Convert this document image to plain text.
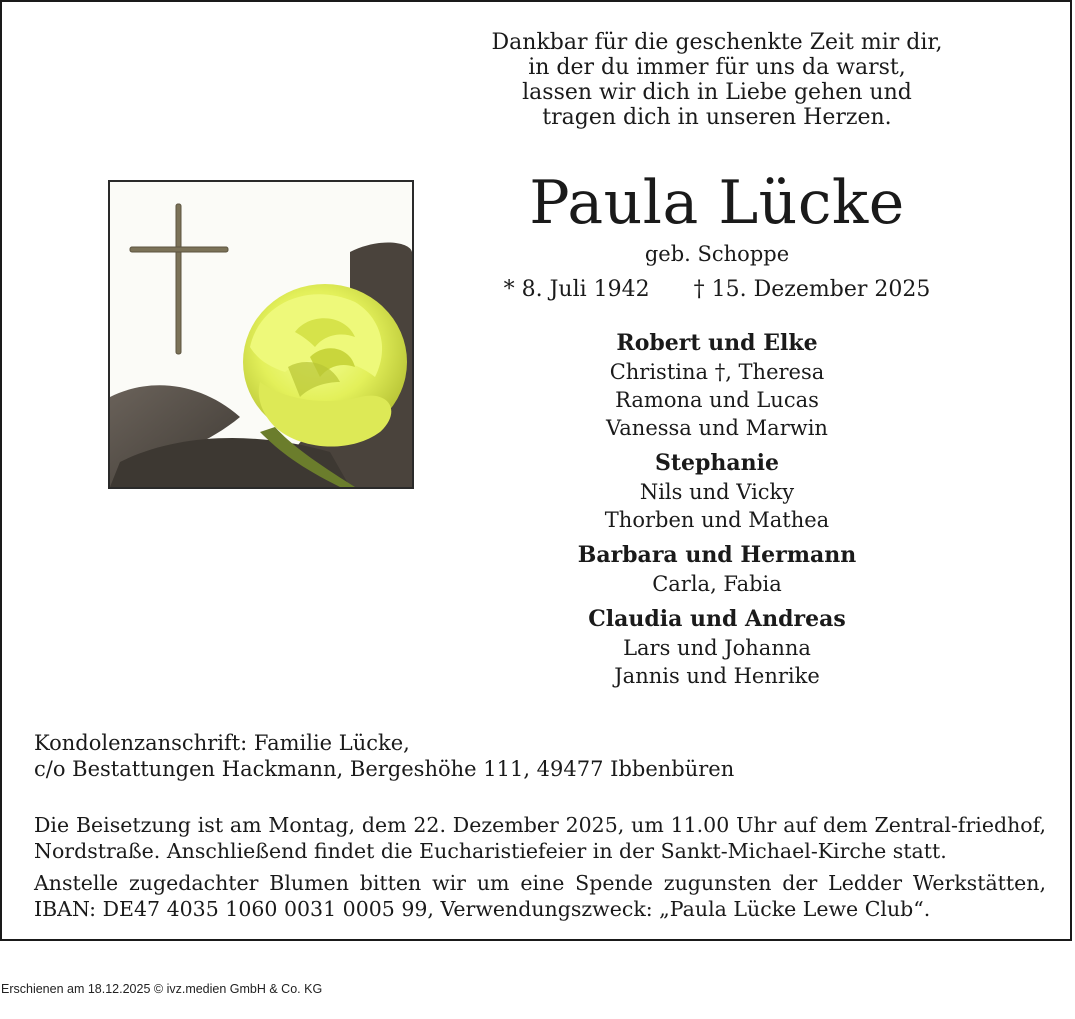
Dankbar für die geschenkte Zeit mir dir,
in der du immer für uns da warst,
lassen wir dich in Liebe gehen und
tragen dich in unseren Herzen.
Paula Lücke
geb. Schoppe
* 8. Juli 1942 † 15. Dezember 2025
Robert und Elke
Christina †, Theresa
Ramona und Lucas
Vanessa und Marwin
Stephanie
Nils und Vicky
Thorben und Mathea
Barbara und Hermann
Carla, Fabia
Claudia und Andreas
Lars und Johanna
Jannis und Henrike
Kondolenzanschrift: Familie Lücke,
c/o Bestattungen Hackmann, Bergeshöhe 111, 49477 Ibbenbüren
Die Beisetzung ist am Montag, dem 22. Dezember 2025, um 11.00 Uhr auf dem Zentral-friedhof, Nordstraße. Anschließend findet die Eucharistiefeier in der Sankt-Michael-Kirche statt.
Anstelle zugedachter Blumen bitten wir um eine Spende zugunsten der Ledder Werkstätten, IBAN: DE47 4035 1060 0031 0005 99, Verwendungszweck: „Paula Lücke Lewe Club“.
Erschienen am 18.12.2025 © ivz.medien GmbH & Co. KG
